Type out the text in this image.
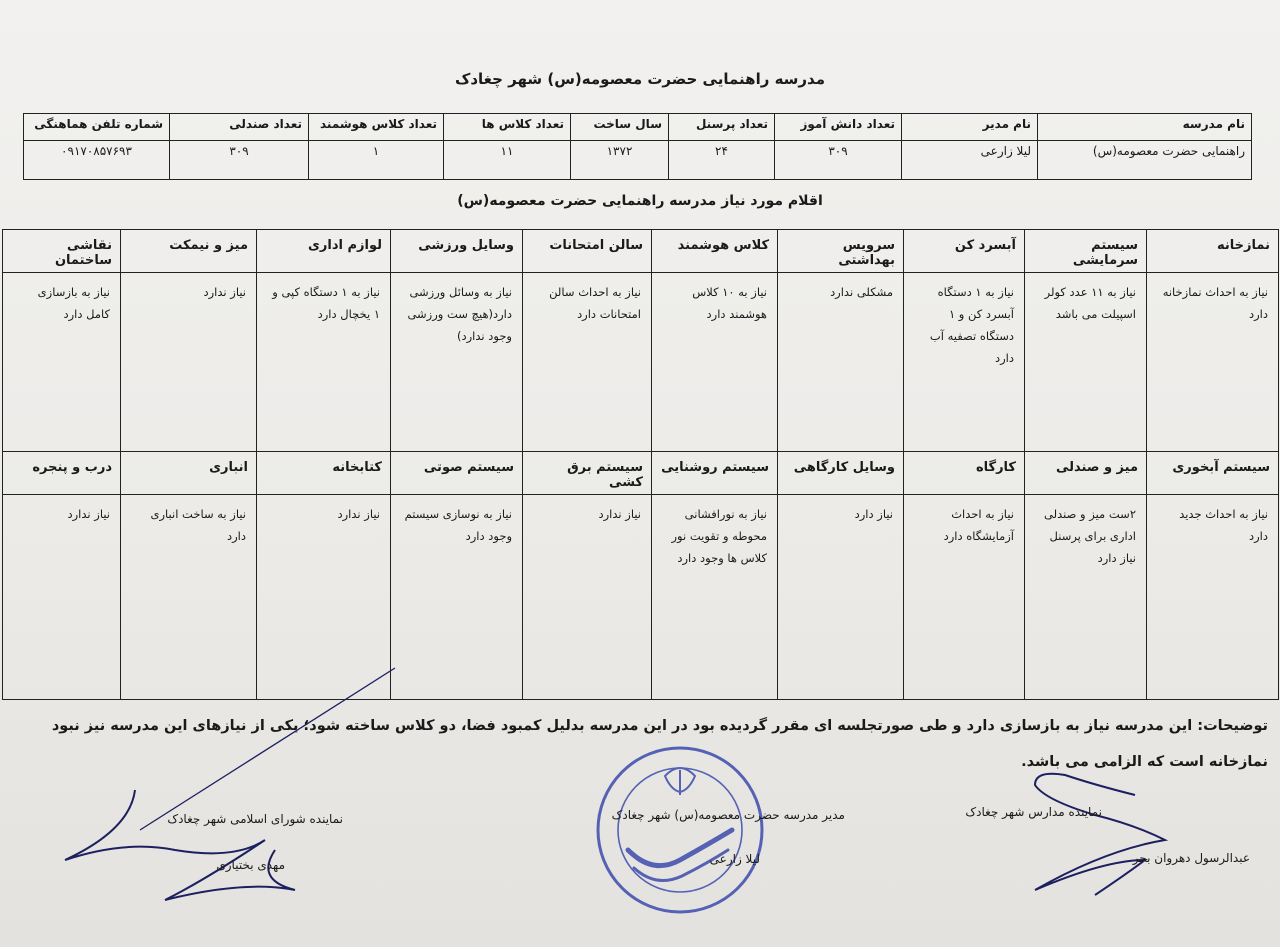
مدرسه راهنمایی حضرت معصومه(س) شهر چغادک
نام مدرسه	نام مدیر	تعداد دانش آموز	تعداد پرسنل	سال ساخت	تعداد کلاس ها	تعداد کلاس هوشمند	تعداد صندلی	شماره تلفن هماهنگی
راهنمایی حضرت معصومه(س)	لیلا زارعی	۳۰۹	۲۴	۱۳۷۲	۱۱	۱	۳۰۹	۰۹۱۷۰۸۵۷۶۹۳
اقلام مورد نیاز مدرسه راهنمایی حضرت معصومه(س)
نمازخانه	سیستم سرمایشی	آبسرد کن	سرویس بهداشتی	کلاس هوشمند	سالن امتحانات	وسایل ورزشی	لوازم اداری	میز و نیمکت	نقاشی ساختمان
نیاز به احداث نمازخانه دارد	نیاز به ۱۱ عدد کولر اسپیلت می باشد	نیاز به ۱ دستگاه آبسرد کن و ۱ دستگاه تصفیه آب دارد	مشکلی ندارد	نیاز به ۱۰ کلاس هوشمند دارد	نیاز به احداث سالن امتحانات دارد	نیاز به وسائل ورزشی دارد(هیچ ست ورزشی وجود ندارد)	نیاز به ۱ دستگاه کپی و ۱ یخچال دارد	نیاز ندارد	نیاز به بازسازی کامل دارد
سیستم آبخوری	میز و صندلی	کارگاه	وسایل کارگاهی	سیستم روشنایی	سیستم برق کشی	سیستم صوتی	کتابخانه	انباری	درب و پنجره
نیاز به احداث جدید دارد	۲ست میز و صندلی اداری برای پرسنل نیاز دارد	نیاز به احداث آزمایشگاه دارد	نیاز دارد	نیاز به نورافشانی محوطه و تقویت نور کلاس ها وجود دارد	نیاز ندارد	نیاز به نوسازی سیستم وجود دارد	نیاز ندارد	نیاز به ساخت انباری دارد	نیاز ندارد
توضیحات: این مدرسه نیاز به بازسازی دارد و طی صورتجلسه ای مقرر گردیده بود در این مدرسه بدلیل کمبود فضا، دو کلاس ساخته شود؛ یکی از نیازهای این مدرسه نیز نبود نمازخانه است که الزامی می باشد.
نماینده مدارس شهر چغادک
عبدالرسول دهروان بحر
مدیر مدرسه حضرت معصومه(س) شهر چغادک
لیلا زارعی
نماینده شورای اسلامی شهر چغادک
مهدی بختیاری
